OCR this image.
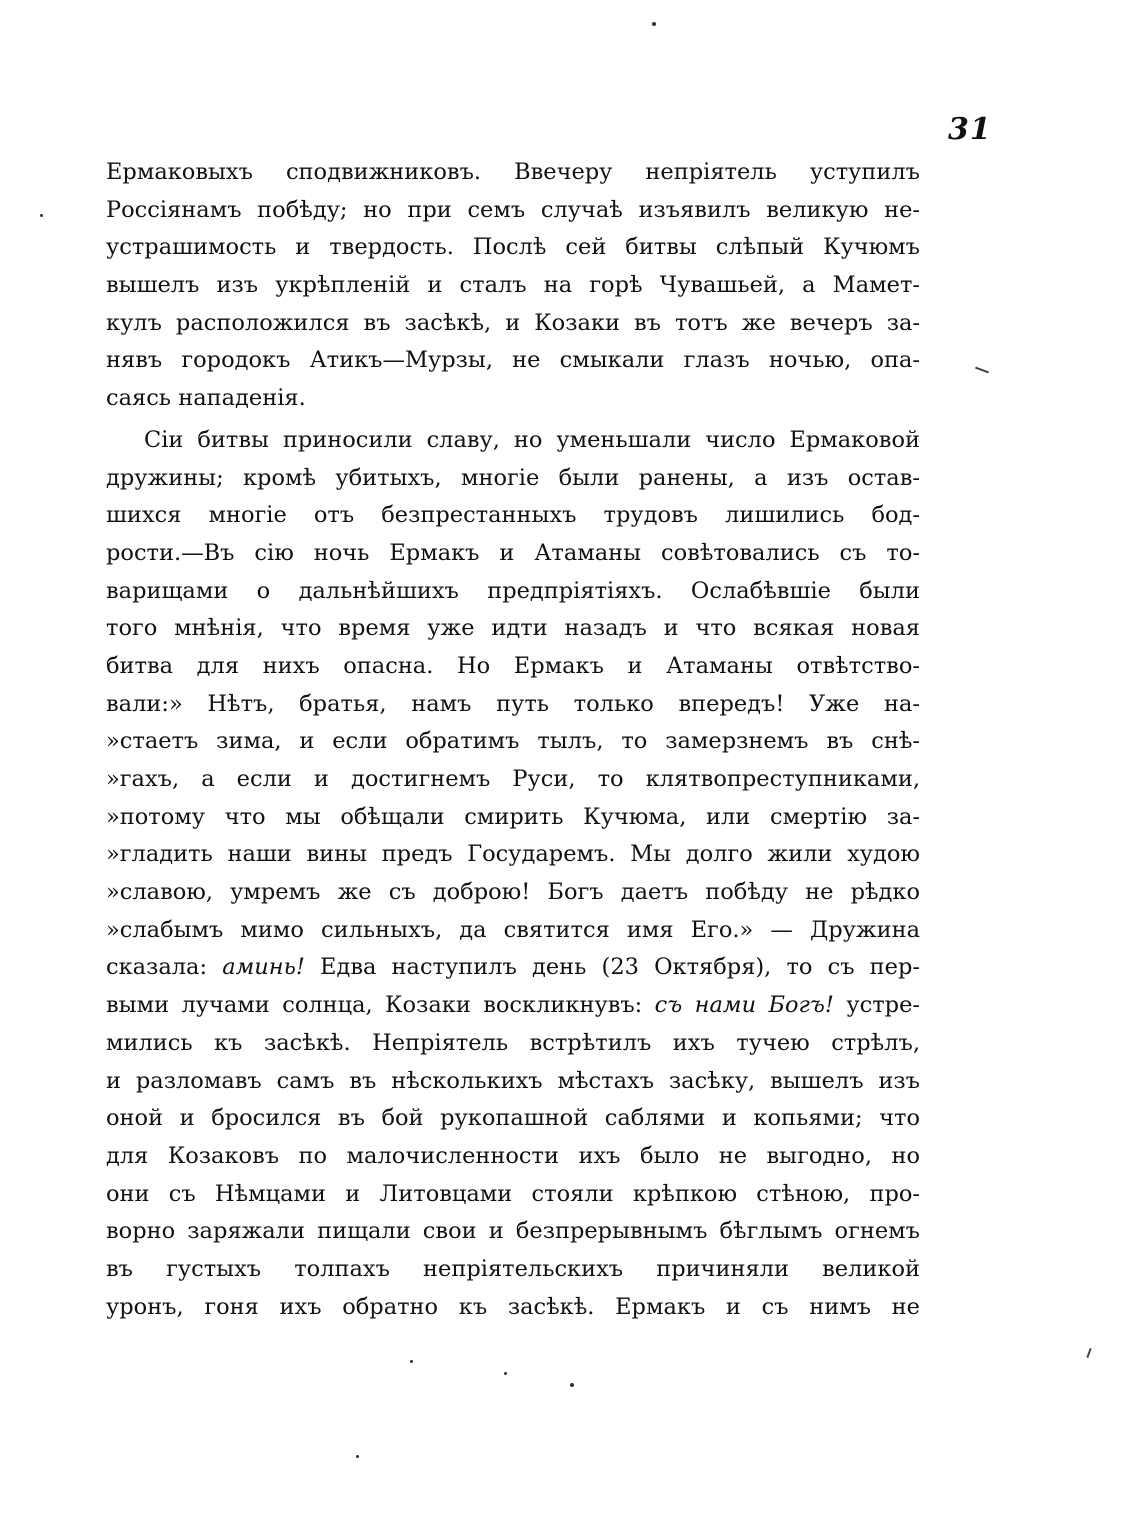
31
Ермаковыхъ сподвижниковъ. Ввечеру непріятель уступилъ
Россіянамъ побѣду; но при семъ случаѣ изъявилъ великую не-
устрашимость и твердость. Послѣ сей битвы слѣпый Кучюмъ
вышелъ изъ укрѣпленій и сталъ на горѣ Чувашьей, а Мамет-
кулъ расположился въ засѣкѣ, и Козаки въ тотъ же вечеръ за-
нявъ городокъ Атикъ—Мурзы, не смыкали глазъ ночью, опа-
саясь нападенія.
Сіи битвы приносили славу, но уменьшали число Ермаковой
дружины; кромѣ убитыхъ, многіе были ранены, а изъ остав-
шихся многіе отъ безпрестанныхъ трудовъ лишились бод-
рости.—Въ сію ночь Ермакъ и Атаманы совѣтовались съ то-
варищами о дальнѣйшихъ предпріятіяхъ. Ослабѣвшіе были
того мнѣнія, что время уже идти назадъ и что всякая новая
битва для нихъ опасна. Но Ермакъ и Атаманы отвѣтство-
вали:» Нѣтъ, братья, намъ путь только впередъ! Уже на-
»стаетъ зима, и если обратимъ тылъ, то замерзнемъ въ снѣ-
»гахъ, а если и достигнемъ Руси, то клятвопреступниками,
»потому что мы обѣщали смирить Кучюма, или смертію за-
»гладить наши вины предъ Государемъ. Мы долго жили худою
»славою, умремъ же съ доброю! Богъ даетъ побѣду не рѣдко
»слабымъ мимо сильныхъ, да святится имя Его.» — Дружина
сказала: аминь! Едва наступилъ день (23 Октября), то съ пер-
выми лучами солнца, Козаки воскликнувъ: съ нами Богъ! устре-
мились къ засѣкѣ. Непріятель встрѣтилъ ихъ тучею стрѣлъ,
и разломавъ самъ въ нѣсколькихъ мѣстахъ засѣку, вышелъ изъ
оной и бросился въ бой рукопашной саблями и копьями; что
для Козаковъ по малочисленности ихъ было не выгодно, но
они съ Нѣмцами и Литовцами стояли крѣпкою стѣною, про-
ворно заряжали пищали свои и безпрерывнымъ бѣглымъ огнемъ
въ густыхъ толпахъ непріятельскихъ причиняли великой
уронъ, гоня ихъ обратно къ засѣкѣ. Ермакъ и съ нимъ не
